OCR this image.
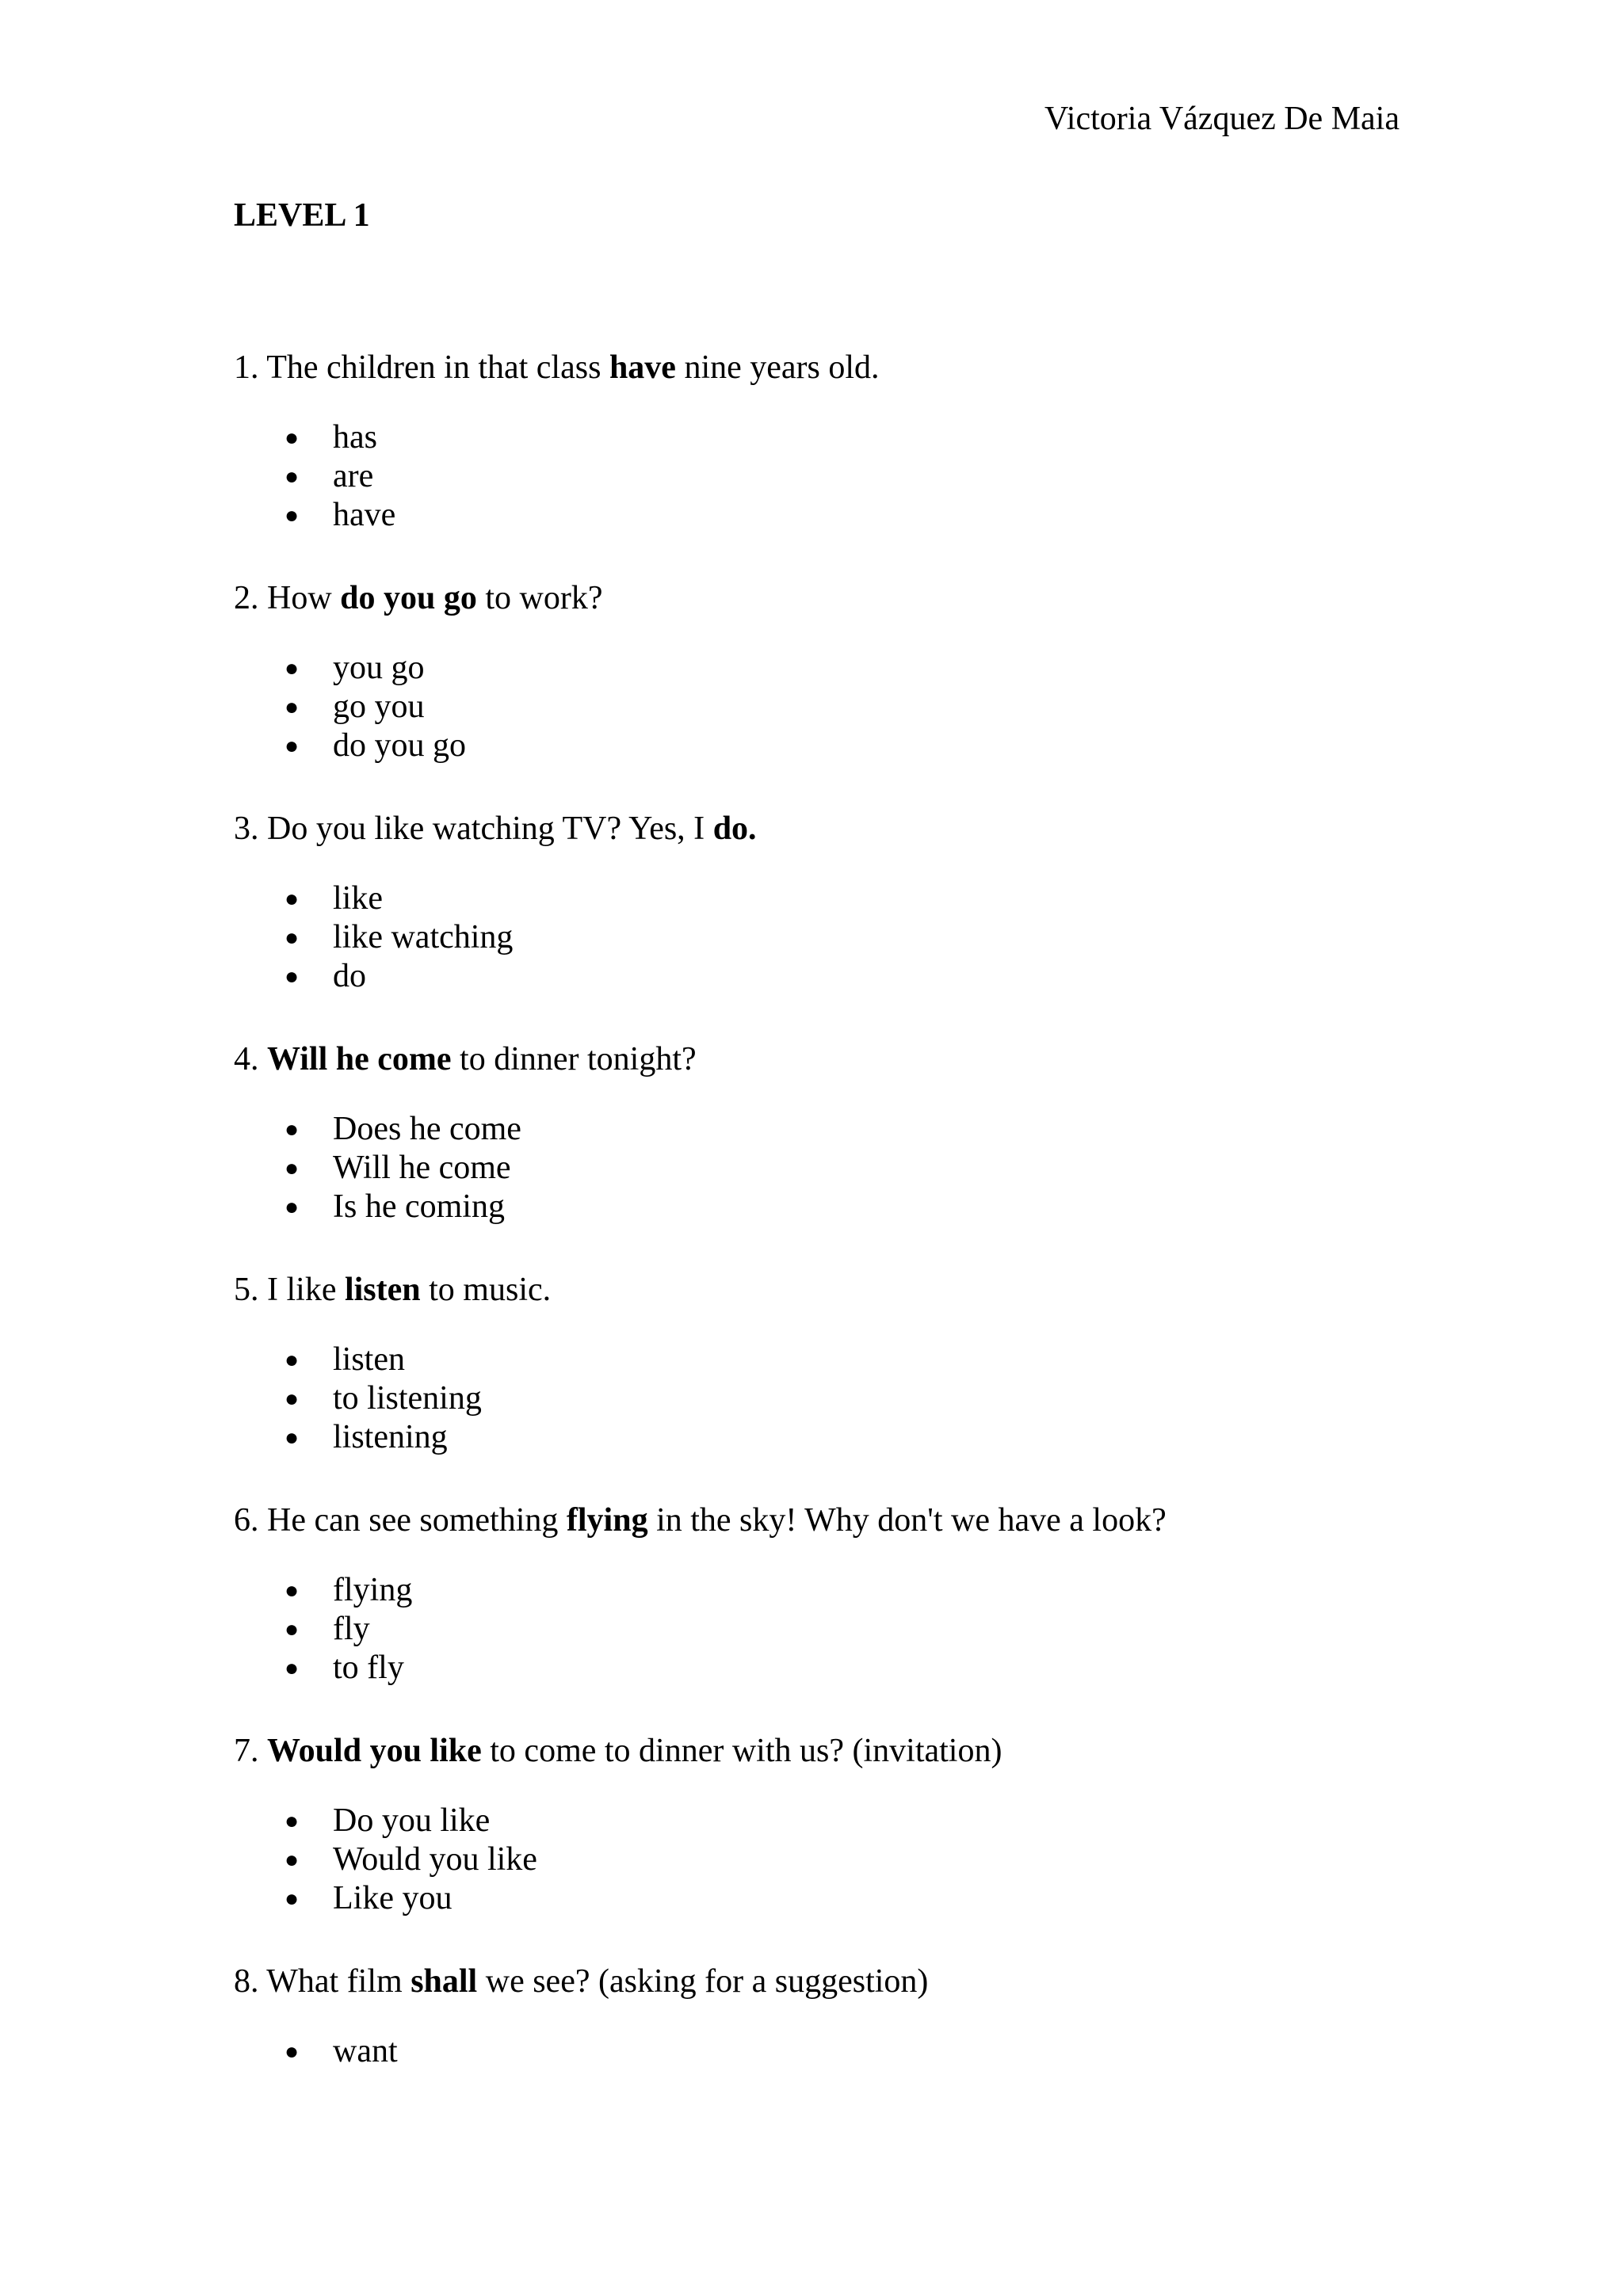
Victoria Vázquez De Maia
LEVEL 1
1. The children in that class have nine years old.
● has
● are
● have
2. How do you go to work?
● you go
● go you
● do you go
3. Do you like watching TV? Yes, I do.
● like
● like watching
● do
4. Will he come to dinner tonight?
● Does he come
● Will he come
● Is he coming
5. I like listen to music.
● listen
● to listening
● listening
6. He can see something flying in the sky! Why don't we have a look?
● flying
● fly
● to fly
7. Would you like to come to dinner with us? (invitation)
● Do you like
● Would you like
● Like you
8. What film shall we see? (asking for a suggestion)
● want
